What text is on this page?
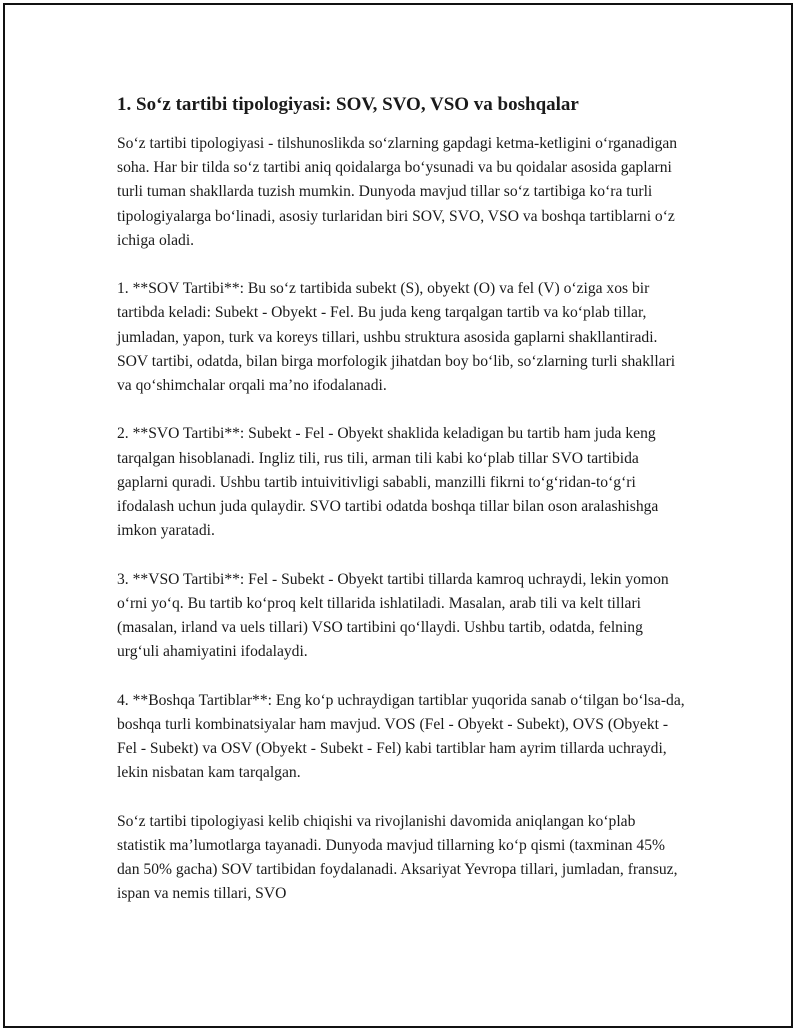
1. So‘z tartibi tipologiyasi: SOV, SVO, VSO va boshqalar

So‘z tartibi tipologiyasi - tilshunoslikda so‘zlarning gapdagi ketma-ketligini o‘rganadigan soha. Har bir tilda so‘z tartibi aniq qoidalarga bo‘ysunadi va bu qoidalar asosida gaplarni turli tuman shakllarda tuzish mumkin. Dunyoda mavjud tillar so‘z tartibiga ko‘ra turli tipologiyalarga bo‘linadi, asosiy turlaridan biri SOV, SVO, VSO va boshqa tartiblarni o‘z ichiga oladi.

1. **SOV Tartibi**: Bu so‘z tartibida subekt (S), obyekt (O) va fel (V) o‘ziga xos bir tartibda keladi: Subekt - Obyekt - Fel. Bu juda keng tarqalgan tartib va ko‘plab tillar, jumladan, yapon, turk va koreys tillari, ushbu struktura asosida gaplarni shakllantiradi. SOV tartibi, odatda, bilan birga morfologik jihatdan boy bo‘lib, so‘zlarning turli shakllari va qo‘shimchalar orqali ma’no ifodalanadi.

2. **SVO Tartibi**: Subekt - Fel - Obyekt shaklida keladigan bu tartib ham juda keng tarqalgan hisoblanadi. Ingliz tili, rus tili, arman tili kabi ko‘plab tillar SVO tartibida gaplarni quradi. Ushbu tartib intuivitivligi sababli, manzilli fikrni to‘g‘ridan-to‘g‘ri ifodalash uchun juda qulaydir. SVO tartibi odatda boshqa tillar bilan oson aralashishga imkon yaratadi.

3. **VSO Tartibi**: Fel - Subekt - Obyekt tartibi tillarda kamroq uchraydi, lekin yomon o‘rni yo‘q. Bu tartib ko‘proq kelt tillarida ishlatiladi. Masalan, arab tili va kelt tillari (masalan, irland va uels tillari) VSO tartibini qo‘llaydi. Ushbu tartib, odatda, felning urg‘uli ahamiyatini ifodalaydi.

4. **Boshqa Tartiblar**: Eng ko‘p uchraydigan tartiblar yuqorida sanab o‘tilgan bo‘lsa-da, boshqa turli kombinatsiyalar ham mavjud. VOS (Fel - Obyekt - Subekt), OVS (Obyekt - Fel - Subekt) va OSV (Obyekt - Subekt - Fel) kabi tartiblar ham ayrim tillarda uchraydi, lekin nisbatan kam tarqalgan.

So‘z tartibi tipologiyasi kelib chiqishi va rivojlanishi davomida aniqlangan ko‘plab statistik ma’lumotlarga tayanadi. Dunyoda mavjud tillarning ko‘p qismi (taxminan 45% dan 50% gacha) SOV tartibidan foydalanadi. Aksariyat Yevropa tillari, jumladan, fransuz, ispan va nemis tillari, SVO
